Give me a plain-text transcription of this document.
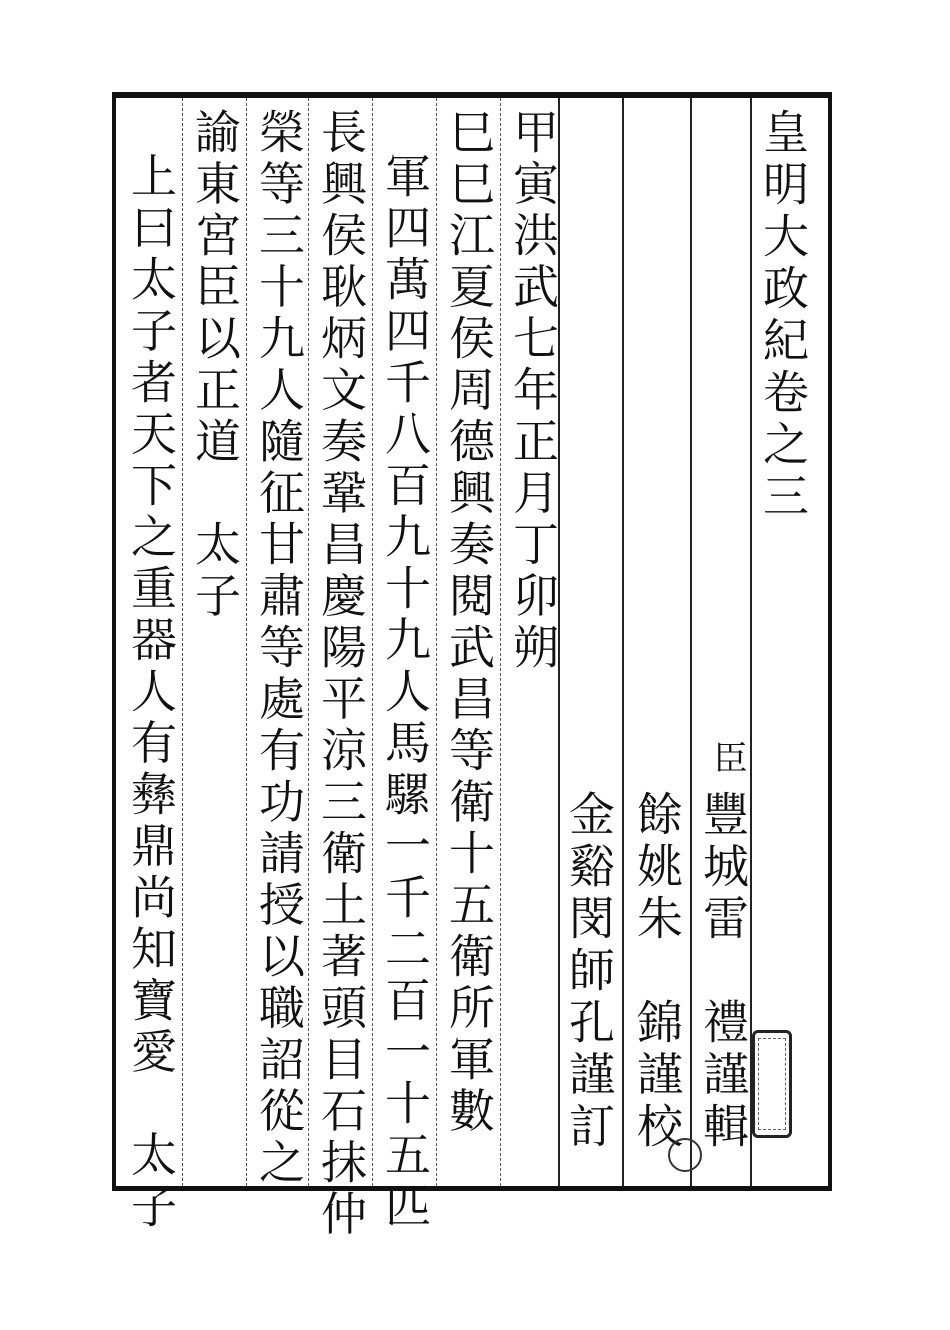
皇明大政紀卷之三
臣
豐城雷　禮謹輯
餘姚朱　錦謹校
金谿閔師孔謹訂
甲寅洪武七年正月丁卯朔
巳巳江夏侯周德興奏閱武昌等衛十五衛所軍數
軍四萬四千八百九十九人馬騾一千二百一十五匹
長興侯耿炳文奏鞏昌慶陽平涼三衛土著頭目石抹仲
榮等三十九人隨征甘肅等處有功請授以職詔從之
諭東宮臣以正道　太子
上曰太子者天下之重器人有彝鼎尚知寶愛　太子
